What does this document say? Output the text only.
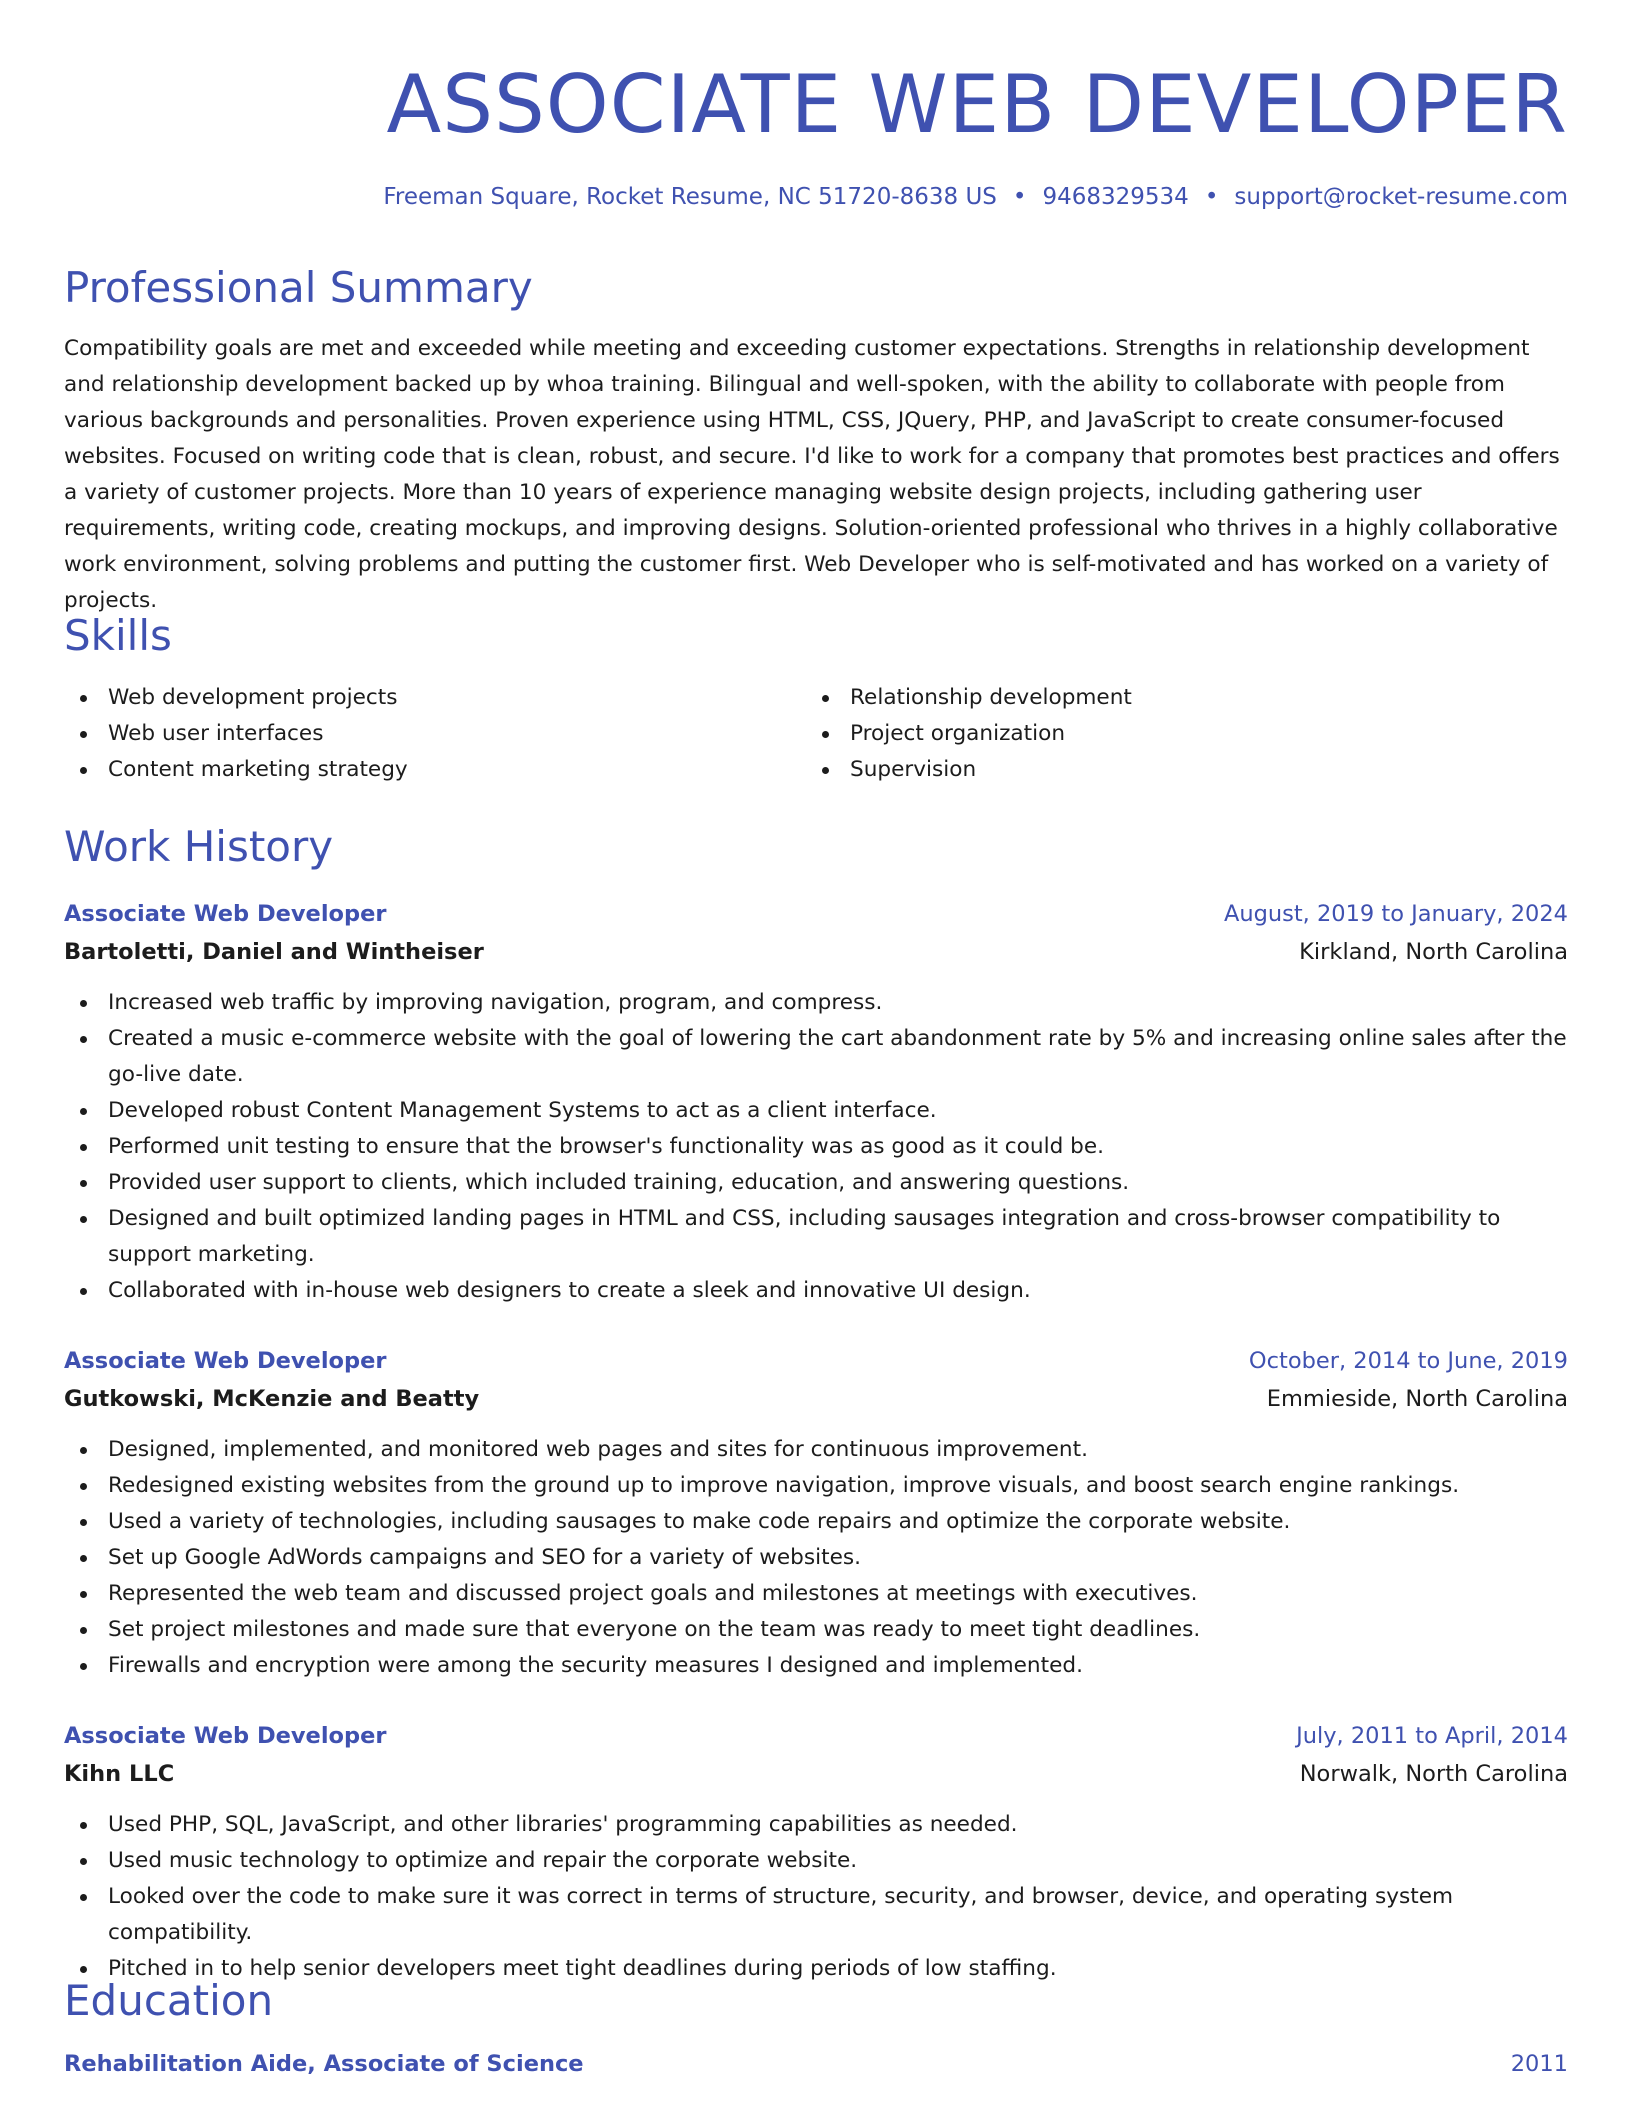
ASSOCIATE WEB DEVELOPER
Freeman Square, Rocket Resume, NC 51720-8638 US • 9468329534 • support@rocket-resume.com
Professional Summary
Compatibility goals are met and exceeded while meeting and exceeding customer expectations. Strengths in relationship development and relationship development backed up by whoa training. Bilingual and well-spoken, with the ability to collaborate with people from various backgrounds and personalities. Proven experience using HTML, CSS, JQuery, PHP, and JavaScript to create consumer-focused websites. Focused on writing code that is clean, robust, and secure. I'd like to work for a company that promotes best practices and offers a variety of customer projects. More than 10 years of experience managing website design projects, including gathering user requirements, writing code, creating mockups, and improving designs. Solution-oriented professional who thrives in a highly collaborative work environment, solving problems and putting the customer first. Web Developer who is self-motivated and has worked on a variety of projects.
Skills
Web development projects
Web user interfaces
Content marketing strategy
Relationship development
Project organization
Supervision
Work History
Associate Web Developer	August, 2019 to January, 2024
Bartoletti, Daniel and Wintheiser	Kirkland, North Carolina
Increased web traffic by improving navigation, program, and compress.
Created a music e-commerce website with the goal of lowering the cart abandonment rate by 5% and increasing online sales after the go-live date.
Developed robust Content Management Systems to act as a client interface.
Performed unit testing to ensure that the browser's functionality was as good as it could be.
Provided user support to clients, which included training, education, and answering questions.
Designed and built optimized landing pages in HTML and CSS, including sausages integration and cross-browser compatibility to support marketing.
Collaborated with in-house web designers to create a sleek and innovative UI design.
Associate Web Developer	October, 2014 to June, 2019
Gutkowski, McKenzie and Beatty	Emmieside, North Carolina
Designed, implemented, and monitored web pages and sites for continuous improvement.
Redesigned existing websites from the ground up to improve navigation, improve visuals, and boost search engine rankings.
Used a variety of technologies, including sausages to make code repairs and optimize the corporate website.
Set up Google AdWords campaigns and SEO for a variety of websites.
Represented the web team and discussed project goals and milestones at meetings with executives.
Set project milestones and made sure that everyone on the team was ready to meet tight deadlines.
Firewalls and encryption were among the security measures I designed and implemented.
Associate Web Developer	July, 2011 to April, 2014
Kihn LLC	Norwalk, North Carolina
Used PHP, SQL, JavaScript, and other libraries' programming capabilities as needed.
Used music technology to optimize and repair the corporate website.
Looked over the code to make sure it was correct in terms of structure, security, and browser, device, and operating system compatibility.
Pitched in to help senior developers meet tight deadlines during periods of low staffing.
Education
Rehabilitation Aide, Associate of Science	2011
